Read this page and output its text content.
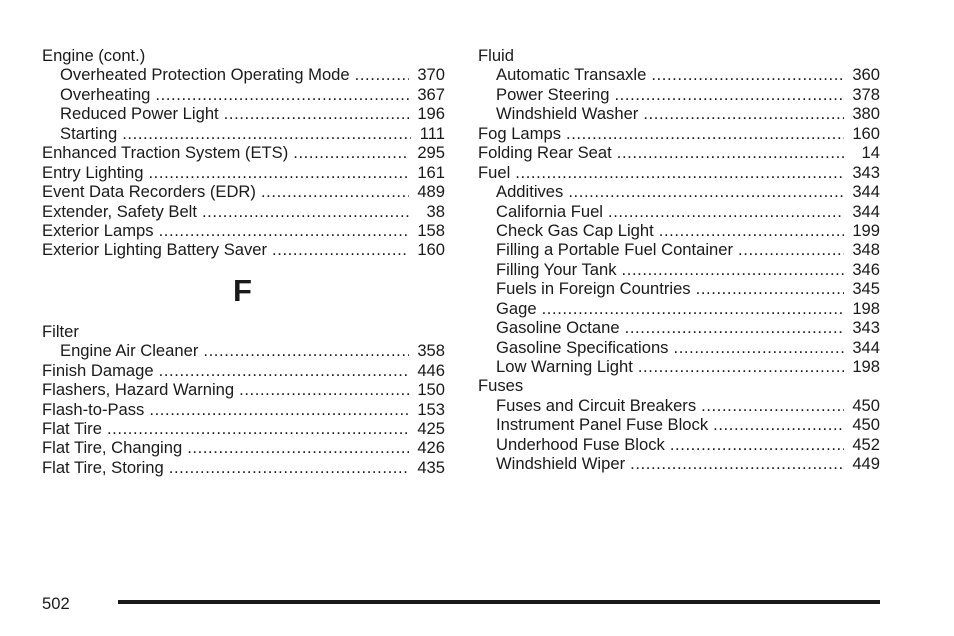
Engine (cont.)
Overheated Protection Operating Mode .....	370
Overheating .....	367
Reduced Power Light .....	196
Starting .....	111
Enhanced Traction System (ETS) .....	295
Entry Lighting .....	161
Event Data Recorders (EDR) .....	489
Extender, Safety Belt .....	38
Exterior Lamps .....	158
Exterior Lighting Battery Saver .....	160
F
Filter
Engine Air Cleaner .....	358
Finish Damage .....	446
Flashers, Hazard Warning .....	150
Flash-to-Pass .....	153
Flat Tire .....	425
Flat Tire, Changing .....	426
Flat Tire, Storing .....	435
Fluid
Automatic Transaxle .....	360
Power Steering .....	378
Windshield Washer .....	380
Fog Lamps .....	160
Folding Rear Seat .....	14
Fuel .....	343
Additives .....	344
California Fuel .....	344
Check Gas Cap Light .....	199
Filling a Portable Fuel Container .....	348
Filling Your Tank .....	346
Fuels in Foreign Countries .....	345
Gage .....	198
Gasoline Octane .....	343
Gasoline Specifications .....	344
Low Warning Light .....	198
Fuses
Fuses and Circuit Breakers .....	450
Instrument Panel Fuse Block .....	450
Underhood Fuse Block .....	452
Windshield Wiper .....	449
502
